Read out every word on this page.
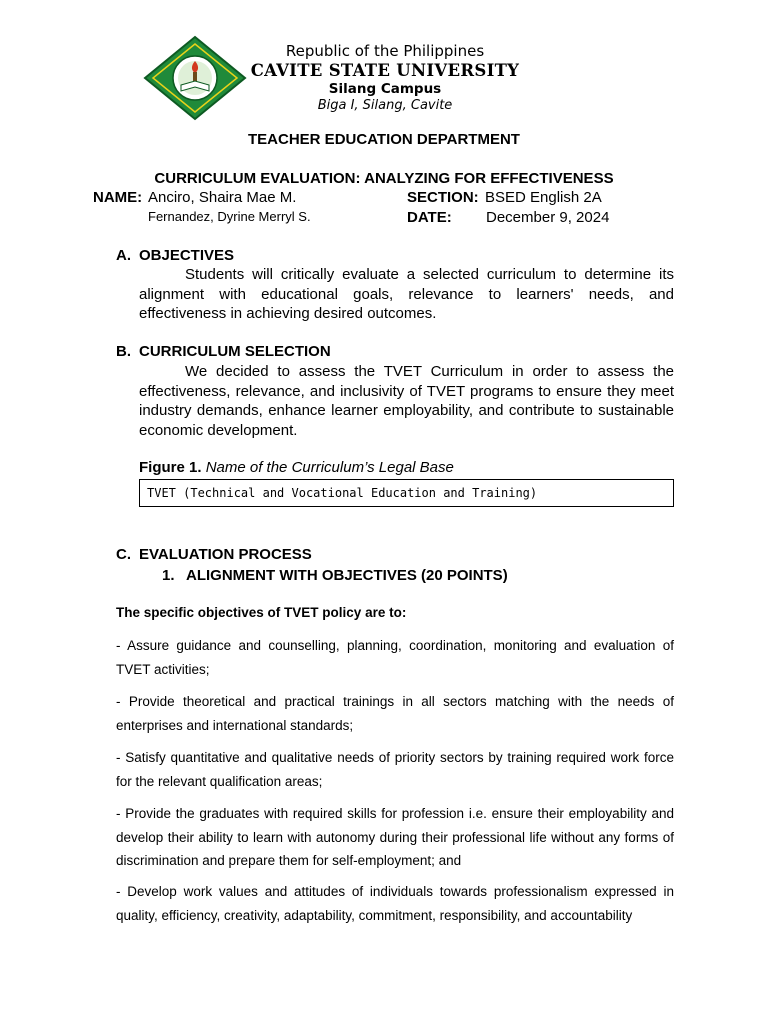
Republic of the Philippines
CAVITE STATE UNIVERSITY
Silang Campus
Biga I, Silang, Cavite
TEACHER EDUCATION DEPARTMENT
CURRICULUM EVALUATION: ANALYZING FOR EFFECTIVENESS
NAME: Anciro, Shaira Mae M.
Fernandez, Dyrine Merryl S.
SECTION: BSED English 2A
DATE: December 9, 2024
A. OBJECTIVES
Students will critically evaluate a selected curriculum to determine its alignment with educational goals, relevance to learners' needs, and effectiveness in achieving desired outcomes.
B. CURRICULUM SELECTION
We decided to assess the TVET Curriculum in order to assess the effectiveness, relevance, and inclusivity of TVET programs to ensure they meet industry demands, enhance learner employability, and contribute to sustainable economic development.
Figure 1. Name of the Curriculum’s Legal Base
TVET (Technical and Vocational Education and Training)
C. EVALUATION PROCESS
1. ALIGNMENT WITH OBJECTIVES (20 POINTS)
The specific objectives of TVET policy are to:
- Assure guidance and counselling, planning, coordination, monitoring and evaluation of TVET activities;
- Provide theoretical and practical trainings in all sectors matching with the needs of enterprises and international standards;
- Satisfy quantitative and qualitative needs of priority sectors by training required work force for the relevant qualification areas;
- Provide the graduates with required skills for profession i.e. ensure their employability and develop their ability to learn with autonomy during their professional life without any forms of discrimination and prepare them for self-employment; and
- Develop work values and attitudes of individuals towards professionalism expressed in quality, efficiency, creativity, adaptability, commitment, responsibility, and accountability
